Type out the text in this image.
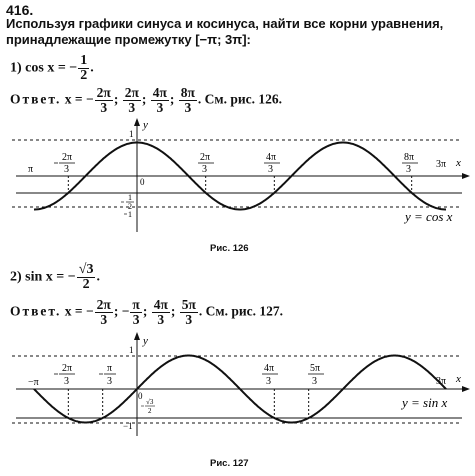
416.
Используя графики синуса и косинуса, найти все корни уравнения, принадлежащие промежутку [−π; 3π]:
1) cos x = − $\frac{1}{2}$ .
Ответ. x = − $\frac{2\pi}{3}$ ; $\frac{2\pi}{3}$ ; $\frac{4\pi}{3}$ ; $\frac{8\pi}{3}$ . См. рис. 126.
π
2π
3
2π
3
4π
3
8π
3	3π x
y
1
0
1
2
1	y = cos x
Рис. 126
2) sin x = − $\frac{√3}{2}$ .
Ответ. x = − $\frac{2\pi}{3}$ ; − $\frac{\pi}{3}$ ; $\frac{4\pi}{3}$ ; $\frac{5\pi}{3}$ . См. рис. 127.
−π
2π
3
π
3
4π
3
5π
3	3π x
y
1
0
√3
2
−1
y = sin x
Рис. 127
